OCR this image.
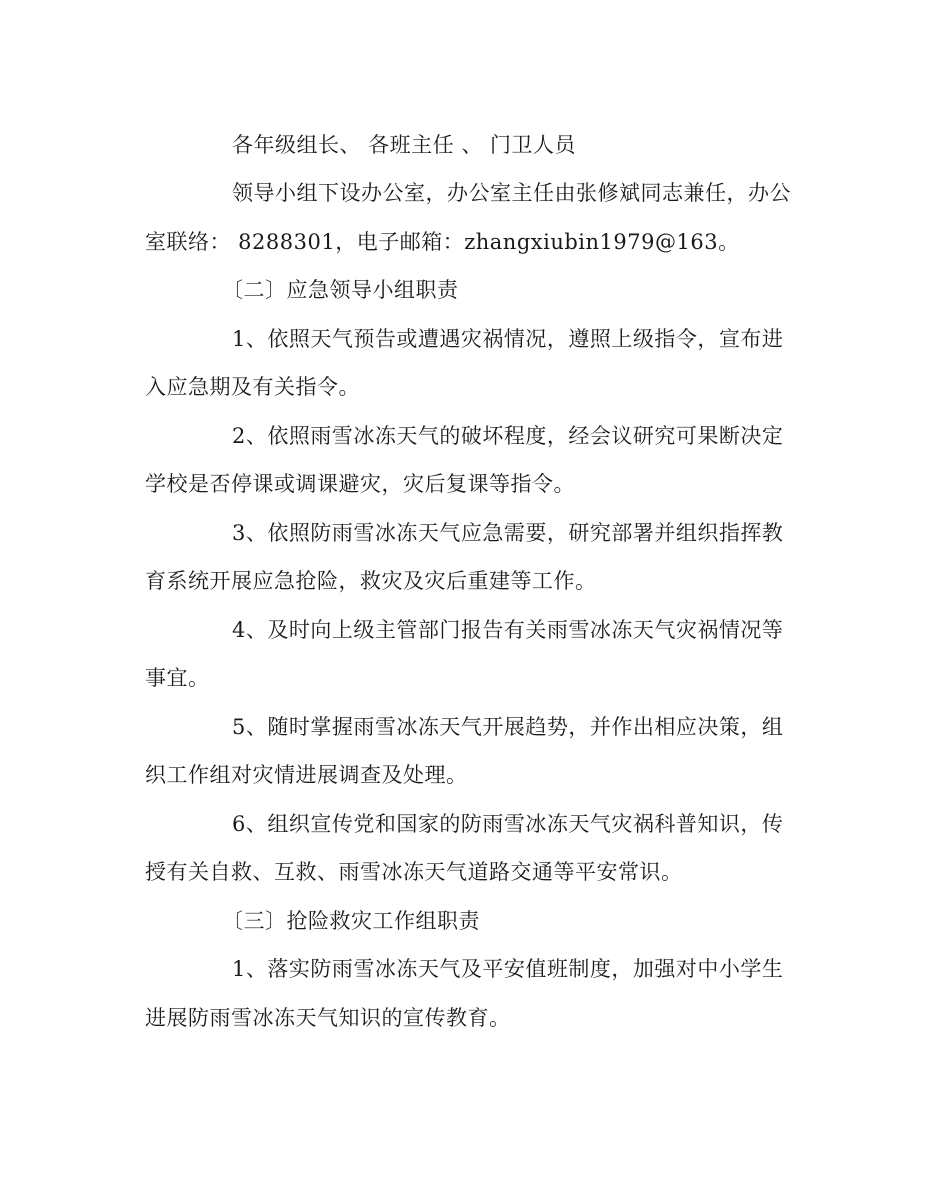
各年级组长、 各班主任 、 门卫人员
领导小组下设办公室，办公室主任由张修斌同志兼任，办公
室联络： 8288301，电子邮箱：zhangxiubin1979@163。
〔二〕应急领导小组职责
1、依照天气预告或遭遇灾祸情况，遵照上级指令，宣布进
入应急期及有关指令。
2、依照雨雪冰冻天气的破坏程度，经会议研究可果断决定
学校是否停课或调课避灾，灾后复课等指令。
3、依照防雨雪冰冻天气应急需要，研究部署并组织指挥教
育系统开展应急抢险，救灾及灾后重建等工作。
4、及时向上级主管部门报告有关雨雪冰冻天气灾祸情况等
事宜。
5、随时掌握雨雪冰冻天气开展趋势，并作出相应决策，组
织工作组对灾情进展调查及处理。
6、组织宣传党和国家的防雨雪冰冻天气灾祸科普知识，传
授有关自救、互救、雨雪冰冻天气道路交通等平安常识。
〔三〕抢险救灾工作组职责
1、落实防雨雪冰冻天气及平安值班制度，加强对中小学生
进展防雨雪冰冻天气知识的宣传教育。
